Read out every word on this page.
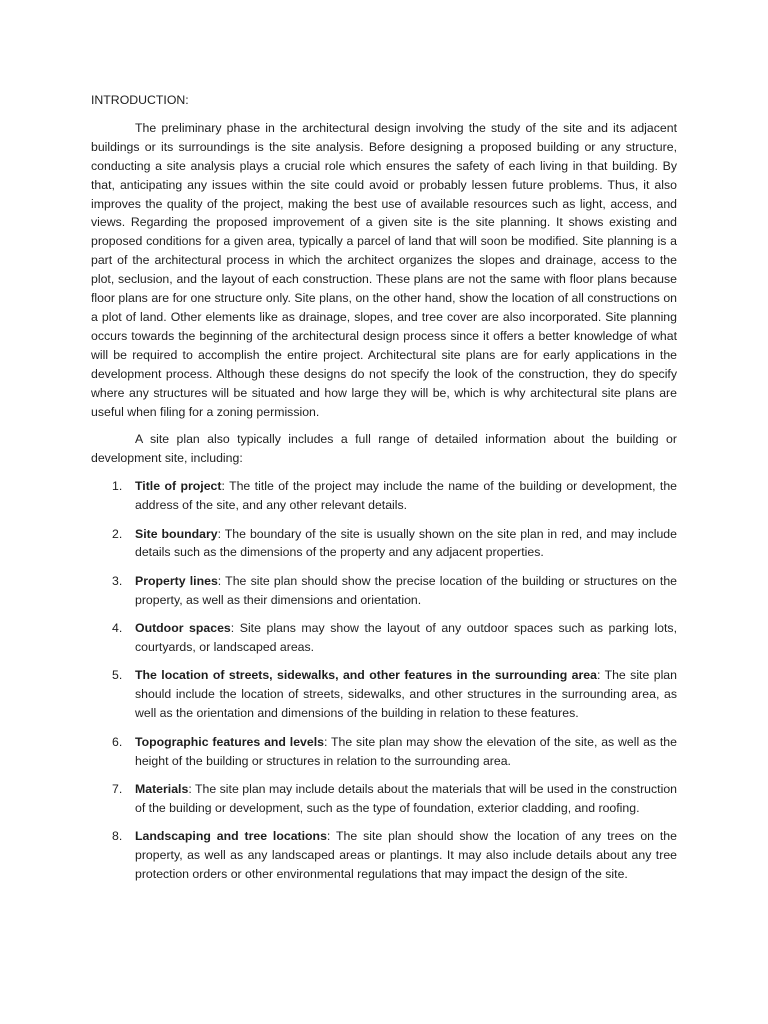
INTRODUCTION:

The preliminary phase in the architectural design involving the study of the site and its adjacent buildings or its surroundings is the site analysis. Before designing a proposed building or any structure, conducting a site analysis plays a crucial role which ensures the safety of each living in that building. By that, anticipating any issues within the site could avoid or probably lessen future problems. Thus, it also improves the quality of the project, making the best use of available resources such as light, access, and views. Regarding the proposed improvement of a given site is the site planning. It shows existing and proposed conditions for a given area, typically a parcel of land that will soon be modified. Site planning is a part of the architectural process in which the architect organizes the slopes and drainage, access to the plot, seclusion, and the layout of each construction. These plans are not the same with floor plans because floor plans are for one structure only. Site plans, on the other hand, show the location of all constructions on a plot of land. Other elements like as drainage, slopes, and tree cover are also incorporated. Site planning occurs towards the beginning of the architectural design process since it offers a better knowledge of what will be required to accomplish the entire project. Architectural site plans are for early applications in the development process. Although these designs do not specify the look of the construction, they do specify where any structures will be situated and how large they will be, which is why architectural site plans are useful when filing for a zoning permission.

A site plan also typically includes a full range of detailed information about the building or development site, including:

1. Title of project: The title of the project may include the name of the building or development, the address of the site, and any other relevant details.
2. Site boundary: The boundary of the site is usually shown on the site plan in red, and may include details such as the dimensions of the property and any adjacent properties.
3. Property lines: The site plan should show the precise location of the building or structures on the property, as well as their dimensions and orientation.
4. Outdoor spaces: Site plans may show the layout of any outdoor spaces such as parking lots, courtyards, or landscaped areas.
5. The location of streets, sidewalks, and other features in the surrounding area: The site plan should include the location of streets, sidewalks, and other structures in the surrounding area, as well as the orientation and dimensions of the building in relation to these features.
6. Topographic features and levels: The site plan may show the elevation of the site, as well as the height of the building or structures in relation to the surrounding area.
7. Materials: The site plan may include details about the materials that will be used in the construction of the building or development, such as the type of foundation, exterior cladding, and roofing.
8. Landscaping and tree locations: The site plan should show the location of any trees on the property, as well as any landscaped areas or plantings. It may also include details about any tree protection orders or other environmental regulations that may impact the design of the site.
